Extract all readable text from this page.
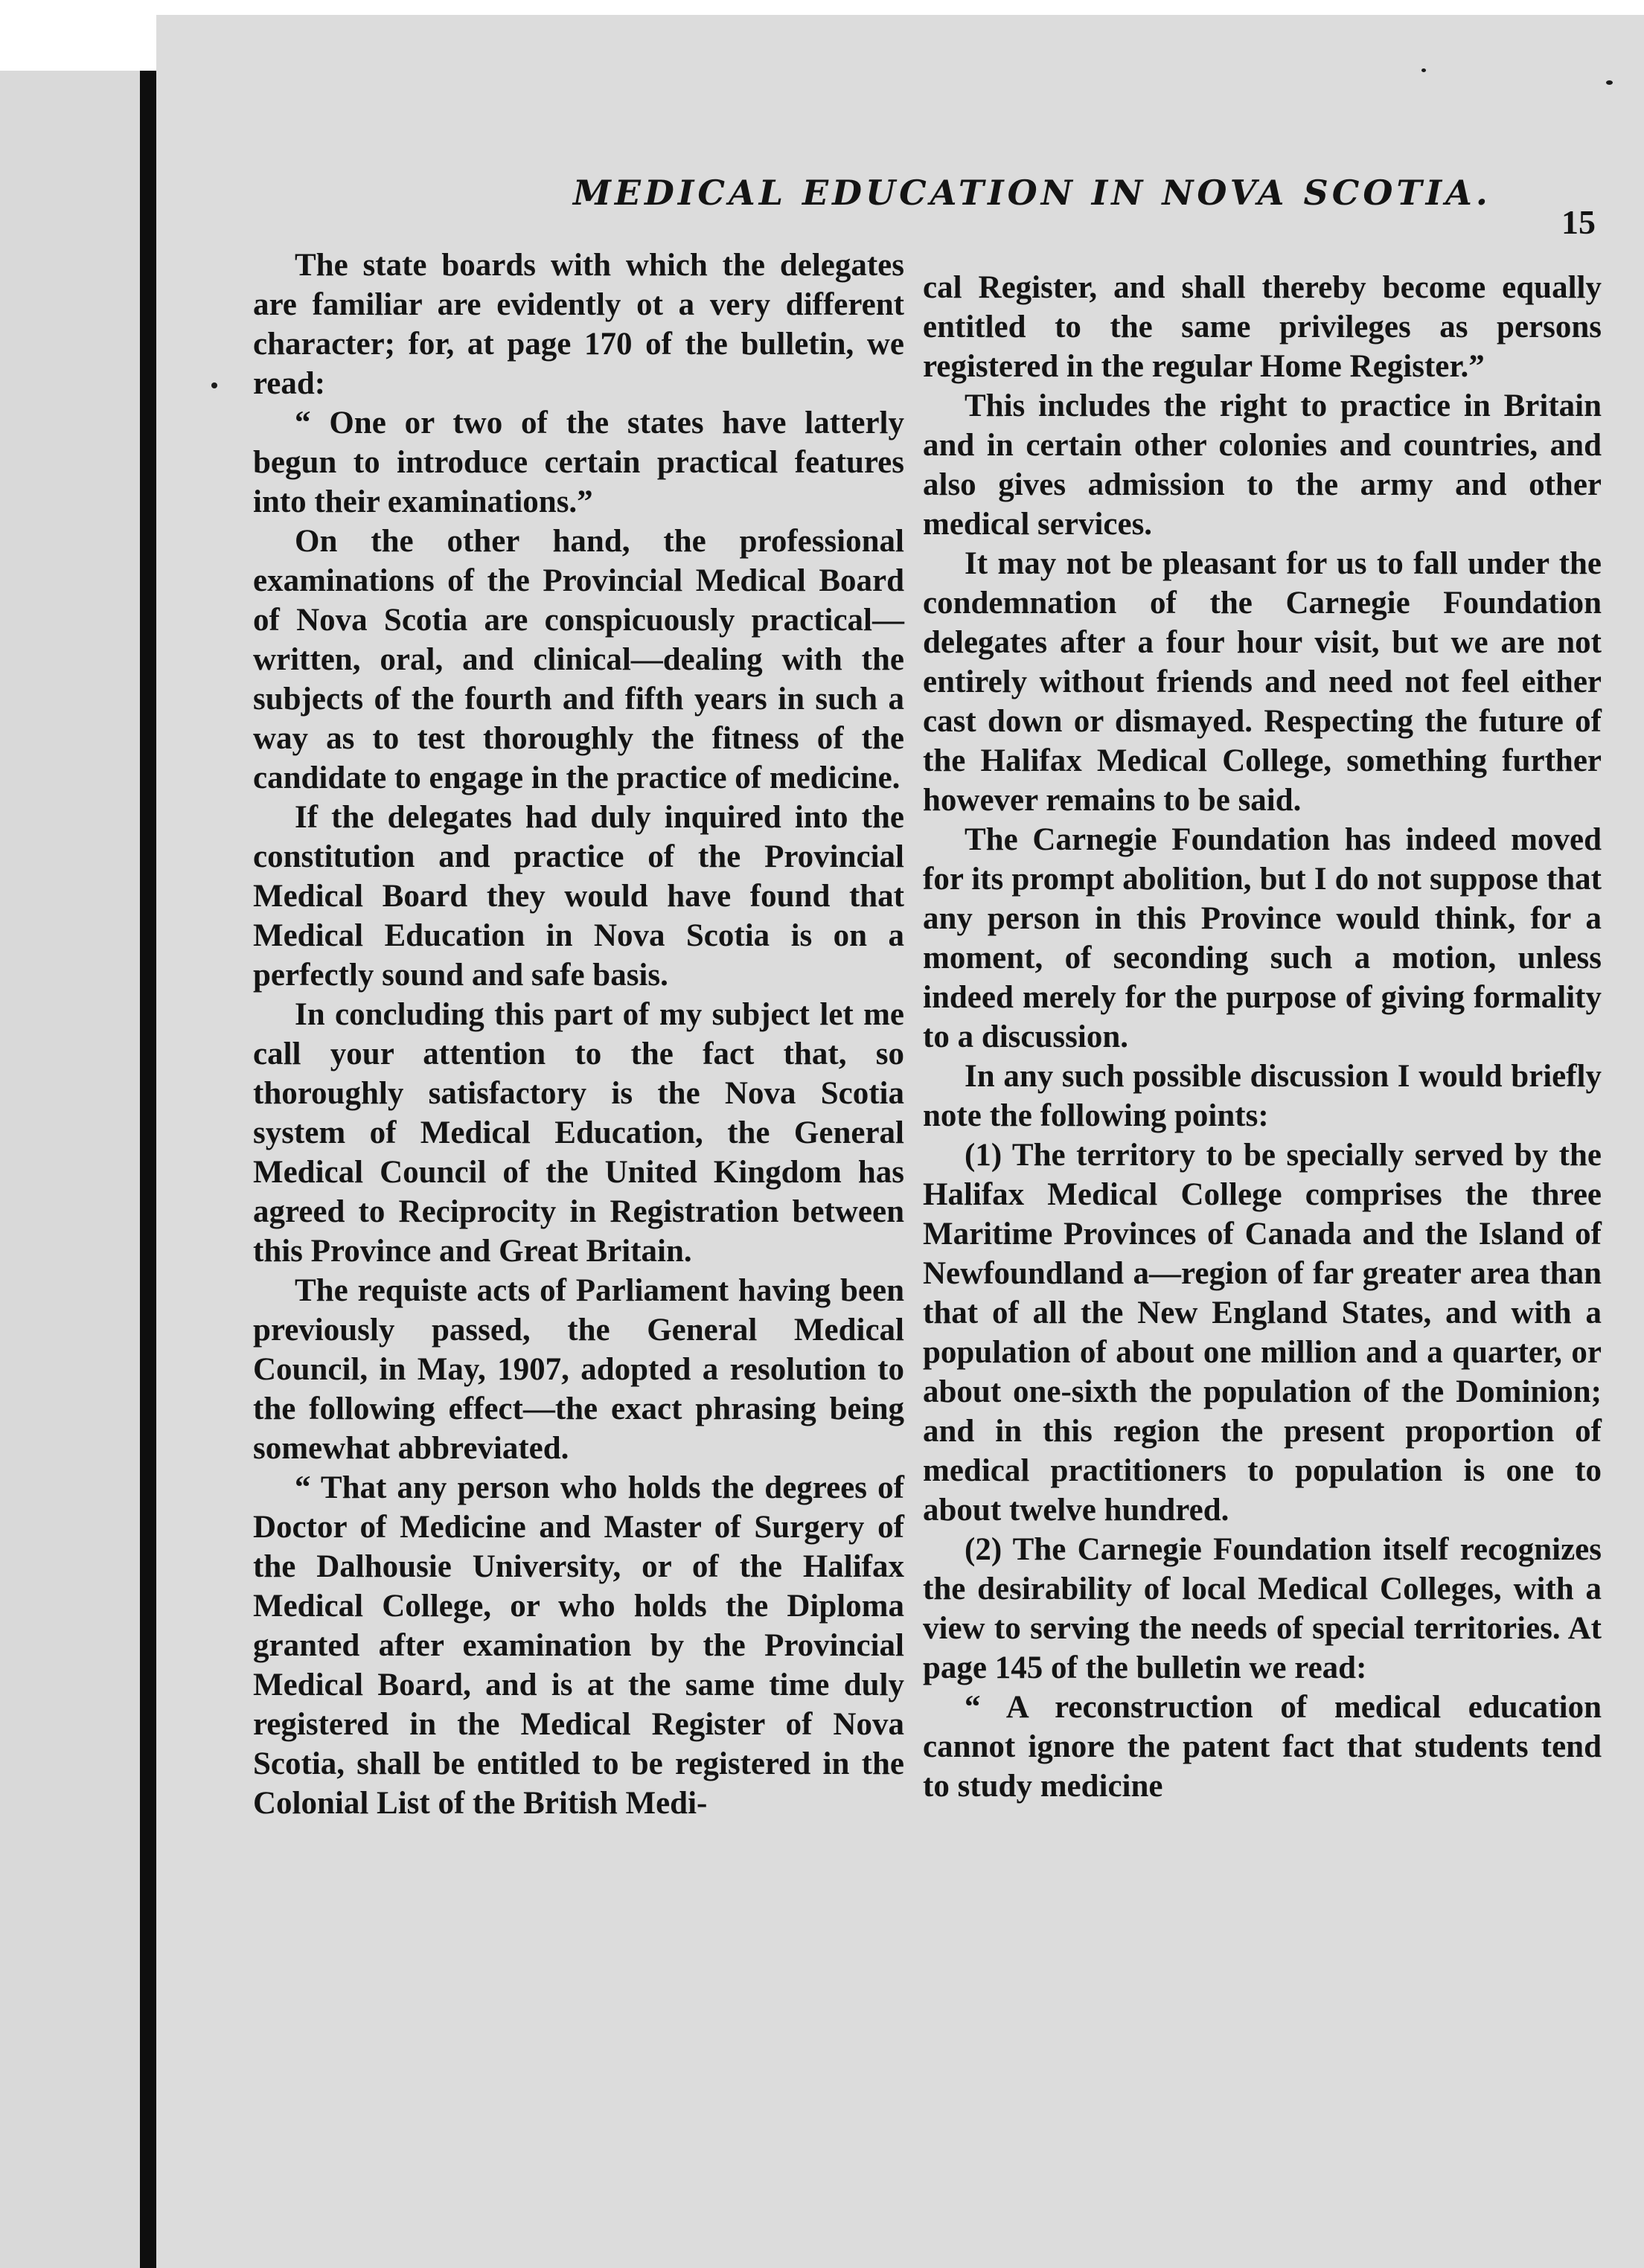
MEDICAL EDUCATION IN NOVA SCOTIA.
15

The state boards with which the delegates are familiar are evidently ot a very different character; for, at page 170 of the bulletin, we read:

“ One or two of the states have latterly begun to introduce certain practical features into their examinations.”

On the other hand, the professional examinations of the Provincial Medical Board of Nova Scotia are conspicuously practical—written, oral, and clinical—dealing with the subjects of the fourth and fifth years in such a way as to test thoroughly the fitness of the candidate to engage in the practice of medicine.

If the delegates had duly inquired into the constitution and practice of the Provincial Medical Board they would have found that Medical Education in Nova Scotia is on a perfectly sound and safe basis.

In concluding this part of my subject let me call your attention to the fact that, so thoroughly satisfactory is the Nova Scotia system of Medical Education, the General Medical Council of the United Kingdom has agreed to Reciprocity in Registration between this Province and Great Britain.

The requiste acts of Parliament having been previously passed, the General Medical Council, in May, 1907, adopted a resolution to the following effect—the exact phrasing being somewhat abbreviated.

“ That any person who holds the degrees of Doctor of Medicine and Master of Surgery of the Dalhousie University, or of the Halifax Medical College, or who holds the Diploma granted after examination by the Provincial Medical Board, and is at the same time duly registered in the Medical Register of Nova Scotia, shall be entitled to be registered in the Colonial List of the British Medi-

cal Register, and shall thereby become equally entitled to the same privileges as persons registered in the regular Home Register.”

This includes the right to practice in Britain and in certain other colonies and countries, and also gives admission to the army and other medical services.

It may not be pleasant for us to fall under the condemnation of the Carnegie Foundation delegates after a four hour visit, but we are not entirely without friends and need not feel either cast down or dismayed. Respecting the future of the Halifax Medical College, something further however remains to be said.

The Carnegie Foundation has indeed moved for its prompt abolition, but I do not suppose that any person in this Province would think, for a moment, of seconding such a motion, unless indeed merely for the purpose of giving formality to a discussion.

In any such possible discussion I would briefly note the following points:

(1) The territory to be specially served by the Halifax Medical College comprises the three Maritime Provinces of Canada and the Island of Newfoundland a—region of far greater area than that of all the New England States, and with a population of about one million and a quarter, or about one-sixth the population of the Dominion; and in this region the present proportion of medical practitioners to population is one to about twelve hundred.

(2) The Carnegie Foundation itself recognizes the desirability of local Medical Colleges, with a view to serving the needs of special territories. At page 145 of the bulletin we read:

“ A reconstruction of medical education cannot ignore the patent fact that students tend to study medicine
